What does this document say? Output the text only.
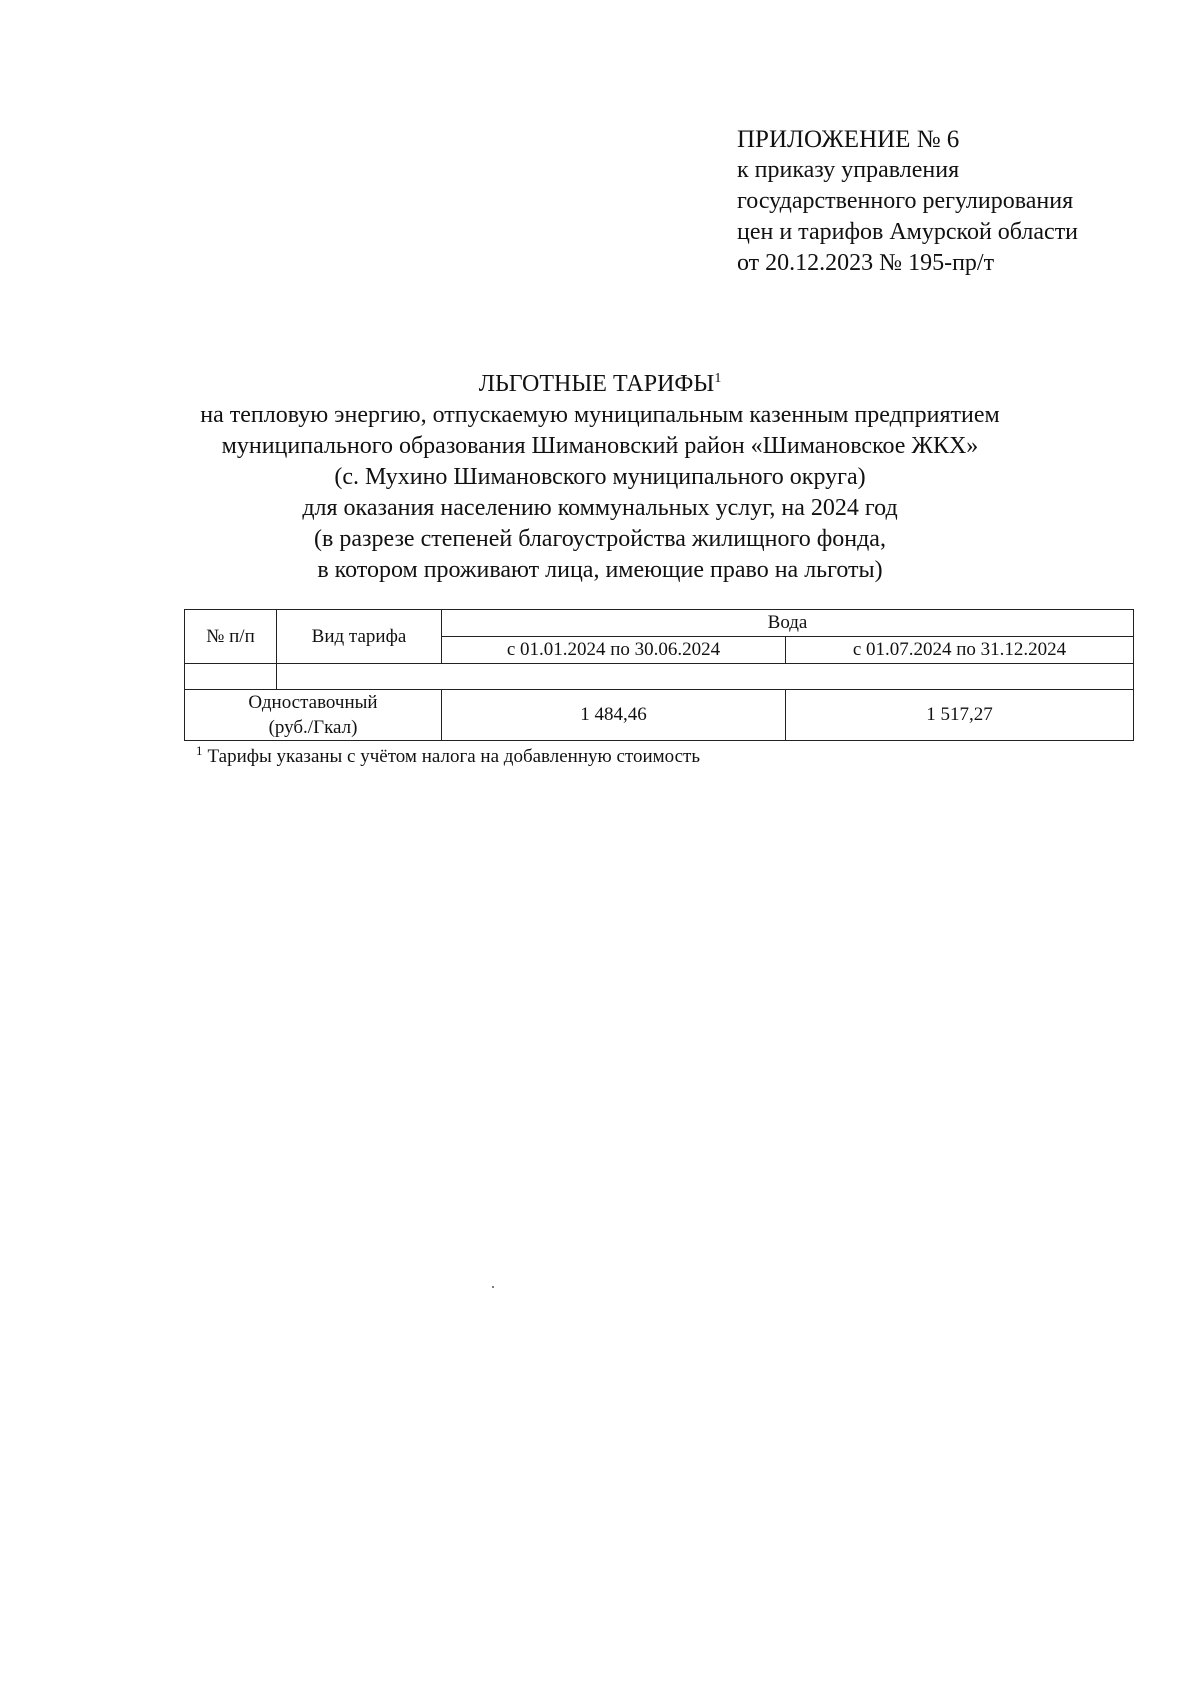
ПРИЛОЖЕНИЕ № 6
к приказу управления
государственного регулирования
цен и тарифов Амурской области
от 20.12.2023 № 195-пр/т
ЛЬГОТНЫЕ ТАРИФЫ$^1$
на тепловую энергию, отпускаемую муниципальным казенным предприятием
муниципального образования Шимановский район «Шимановское ЖКХ»
(с. Мухино Шимановского муниципального округа)
для оказания населению коммунальных услуг, на 2024 год
(в разрезе степеней благоустройства жилищного фонда,
в котором проживают лица, имеющие право на льготы)
№ п/п	Вид тарифа	Вода	
		с 01.01.2024 по 30.06.2024	с 01.07.2024 по 31.12.2024

Одноставочный
(руб./Гкал)		1 484,46	1 517,27
$^1$ Тарифы указаны с учётом налога на добавленную стоимость
